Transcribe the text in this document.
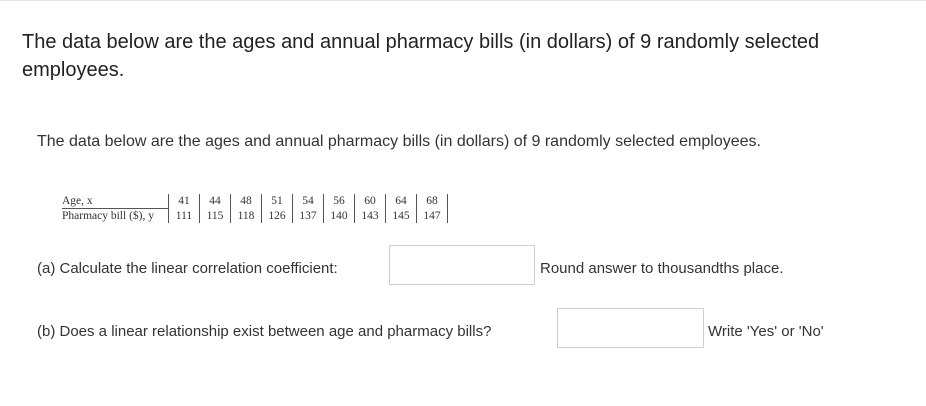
The data below are the ages and annual pharmacy bills (in dollars) of 9 randomly selected employees.
The data below are the ages and annual pharmacy bills (in dollars) of 9 randomly selected employees.
Age, x	41	44	48	51	54	56	60	64	68
Pharmacy bill ($), y	111	115	118	126	137	140	143	145	147
(a) Calculate the linear correlation coefficient:	Round answer to thousandths place.
(b) Does a linear relationship exist between age and pharmacy bills?	Write 'Yes' or 'No'
